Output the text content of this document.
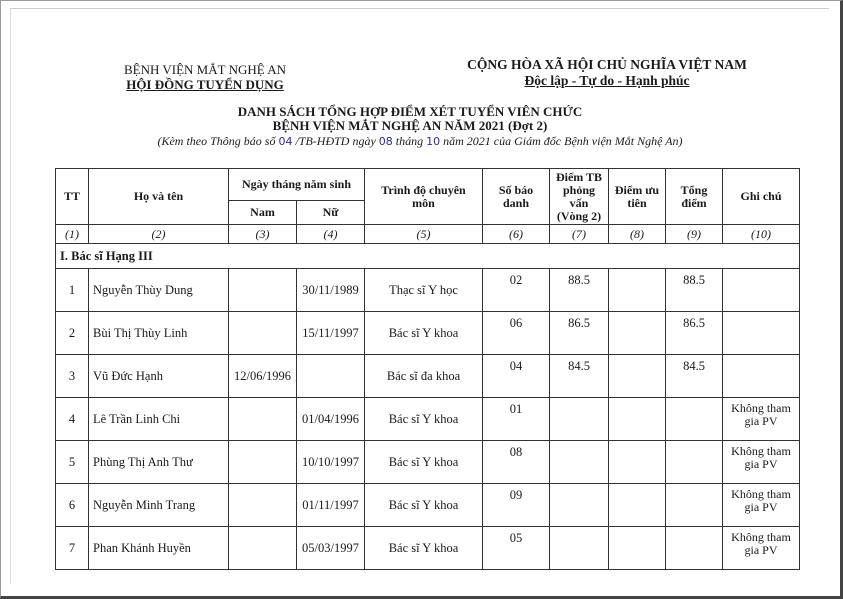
BỆNH VIỆN MẮT NGHỆ AN
HỘI ĐỒNG TUYỂN DỤNG
CỘNG HÒA XÃ HỘI CHỦ NGHĨA VIỆT NAM
Độc lập - Tự do - Hạnh phúc
DANH SÁCH TỔNG HỢP ĐIỂM XÉT TUYỂN VIÊN CHỨC
BỆNH VIỆN MẮT NGHỆ AN NĂM 2021 (Đợt 2)
(Kèm theo Thông báo số 04 /TB-HĐTD ngày 08 tháng 10 năm 2021 của Giám đốc Bệnh viện Mắt Nghệ An)
TT	Họ và tên	Ngày tháng năm sinh		Trình độ chuyên môn	Số báo danh	Điểm TB phỏng vấn (Vòng 2)	Điểm ưu tiên	Tổng điểm	Ghi chú
		Nam	Nữ						
(1)	(2)	(3)	(4)	(5)	(6)	(7)	(8)	(9)	(10)
I. Bác sĩ Hạng III									
1	Nguyễn Thùy Dung		30/11/1989	Thạc sĩ Y học	02	88.5		88.5	
2	Bùi Thị Thùy Linh		15/11/1997	Bác sĩ Y khoa	06	86.5		86.5	
3	Vũ Đức Hạnh	12/06/1996		Bác sĩ đa khoa	04	84.5		84.5	
4	Lê Trần Linh Chi		01/04/1996	Bác sĩ Y khoa	01				Không tham gia PV
5	Phùng Thị Anh Thư		10/10/1997	Bác sĩ Y khoa	08				Không tham gia PV
6	Nguyễn Minh Trang		01/11/1997	Bác sĩ Y khoa	09				Không tham gia PV
7	Phan Khánh Huyền		05/03/1997	Bác sĩ Y khoa	05				Không tham gia PV
